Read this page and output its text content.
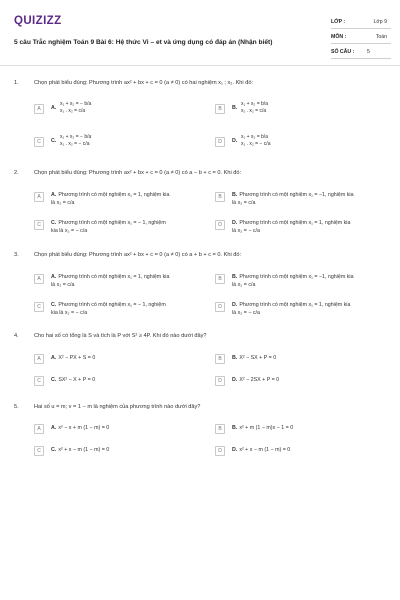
QUIZIZZ
5 câu Trắc nghiệm Toán 9 Bài 6: Hệ thức Vi – et và ứng dụng có đáp án (Nhận biết)
LỚP :	Lớp 9
MÔN :	Toán
SỐ CÂU : 5
1.	Chọn phát biểu đúng: Phương trình ax² + bx + c = 0 (a ≠ 0) có hai nghiệm x₁ ; x₂. Khi đó:
A	A.
x₁ + x₂ = − b/a
x₁ . x₂ = c/a	B	B.
x₁ + x₂ = b/a
x₁ . x₂ = c/a
C	C.
x₁ + x₂ = − b/a
x₁ . x₂ = − c/a	D	D.
x₁ + x₂ = b/a
x₁ . x₂ = − c/a
2.	Chọn phát biểu đúng: Phương trình ax² + bx + c = 0 (a ≠ 0) có a − b + c = 0. Khi đó:
A	A. Phương trình có một nghiệm x₁ = 1, nghiệm kia
là x₂ = c/a
B	B. Phương trình có một nghiệm x₁ = −1, nghiệm kia
là x₂ = c/a
C	C. Phương trình có một nghiệm x₁ = − 1, nghiệm
kia là x₂ = − c/a
D	D. Phương trình có một nghiệm x₁ = 1, nghiệm kia
là x₂ = − c/a
3.	Chọn phát biểu đúng: Phương trình ax² + bx + c = 0 (a ≠ 0) có a + b + c = 0. Khi đó:
A	A. Phương trình có một nghiệm x₁ = 1, nghiệm kia
là x₂ = c/a
B	B. Phương trình có một nghiệm x₁ = −1, nghiệm kia
là x₂ = c/a
C	C. Phương trình có một nghiệm x₁ = − 1, nghiệm
kia là x₂ = − c/a
D	D. Phương trình có một nghiệm x₁ = 1, nghiệm kia
là x₂ = − c/a
4.	Cho hai số có tổng là S và tích là P với S² ≥ 4P. Khi đó nào dưới đây?
A	A. X² − PX + S = 0	B	B. X² − SX + P = 0
C	C. SX² − X + P = 0	D	D. X² − 2SX + P = 0
5.	Hai số u = m; v = 1 − m là nghiệm của phương trình nào dưới đây?
A	A. x² − x + m (1 − m) = 0	B	B. x² + m (1 − m)x − 1 = 0
C	C. x² + x − m (1 − m) = 0	D	D. x² + x − m (1 − m) = 0
